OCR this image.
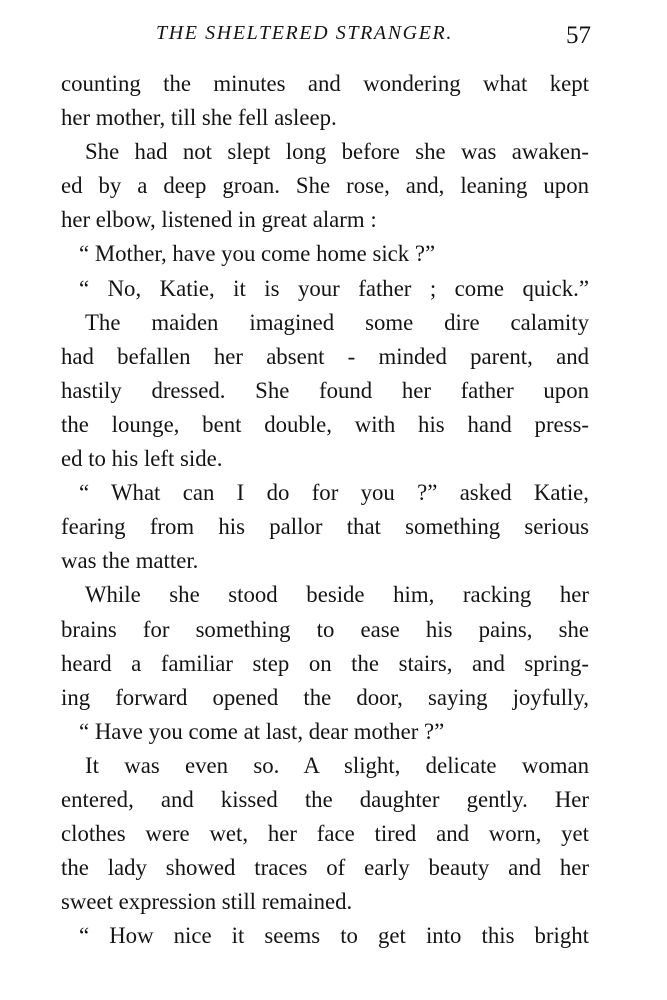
THE SHELTERED STRANGER.	57
counting the minutes and wondering what kept
her mother, till she fell asleep.
She had not slept long before she was awaken-
ed by a deep groan. She rose, and, leaning upon
her elbow, listened in great alarm :
“ Mother, have you come home sick ?”
“ No, Katie, it is your father ; come quick.”
The maiden imagined some dire calamity
had befallen her absent - minded parent, and
hastily dressed. She found her father upon
the lounge, bent double, with his hand press-
ed to his left side.
“ What can I do for you ?” asked Katie,
fearing from his pallor that something serious
was the matter.
While she stood beside him, racking her
brains for something to ease his pains, she
heard a familiar step on the stairs, and spring-
ing forward opened the door, saying joyfully,
“ Have you come at last, dear mother ?”
It was even so. A slight, delicate woman
entered, and kissed the daughter gently. Her
clothes were wet, her face tired and worn, yet
the lady showed traces of early beauty and her
sweet expression still remained.
“ How nice it seems to get into this bright
